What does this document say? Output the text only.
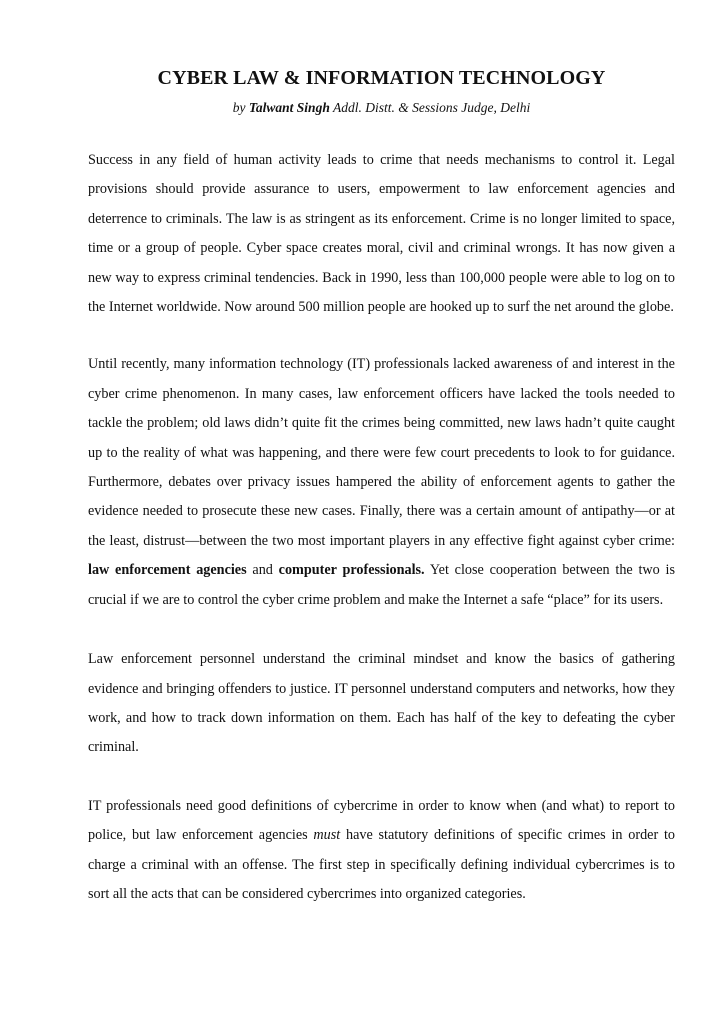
CYBER LAW & INFORMATION TECHNOLOGY
by Talwant Singh Addl. Distt. & Sessions Judge, Delhi

Success in any field of human activity leads to crime that needs mechanisms to control it. Legal provisions should provide assurance to users, empowerment to law enforcement agencies and deterrence to criminals. The law is as stringent as its enforcement. Crime is no longer limited to space, time or a group of people. Cyber space creates moral, civil and criminal wrongs. It has now given a new way to express criminal tendencies. Back in 1990, less than 100,000 people were able to log on to the Internet worldwide. Now around 500 million people are hooked up to surf the net around the globe.

Until recently, many information technology (IT) professionals lacked awareness of and interest in the cyber crime phenomenon. In many cases, law enforcement officers have lacked the tools needed to tackle the problem; old laws didn’t quite fit the crimes being committed, new laws hadn’t quite caught up to the reality of what was happening, and there were few court precedents to look to for guidance. Furthermore, debates over privacy issues hampered the ability of enforcement agents to gather the evidence needed to prosecute these new cases. Finally, there was a certain amount of antipathy—or at the least, distrust—between the two most important players in any effective fight against cyber crime: law enforcement agencies and computer professionals. Yet close cooperation between the two is crucial if we are to control the cyber crime problem and make the Internet a safe “place” for its users.

Law enforcement personnel understand the criminal mindset and know the basics of gathering evidence and bringing offenders to justice. IT personnel understand computers and networks, how they work, and how to track down information on them. Each has half of the key to defeating the cyber criminal.

IT professionals need good definitions of cybercrime in order to know when (and what) to report to police, but law enforcement agencies must have statutory definitions of specific crimes in order to charge a criminal with an offense. The first step in specifically defining individual cybercrimes is to sort all the acts that can be considered cybercrimes into organized categories.
